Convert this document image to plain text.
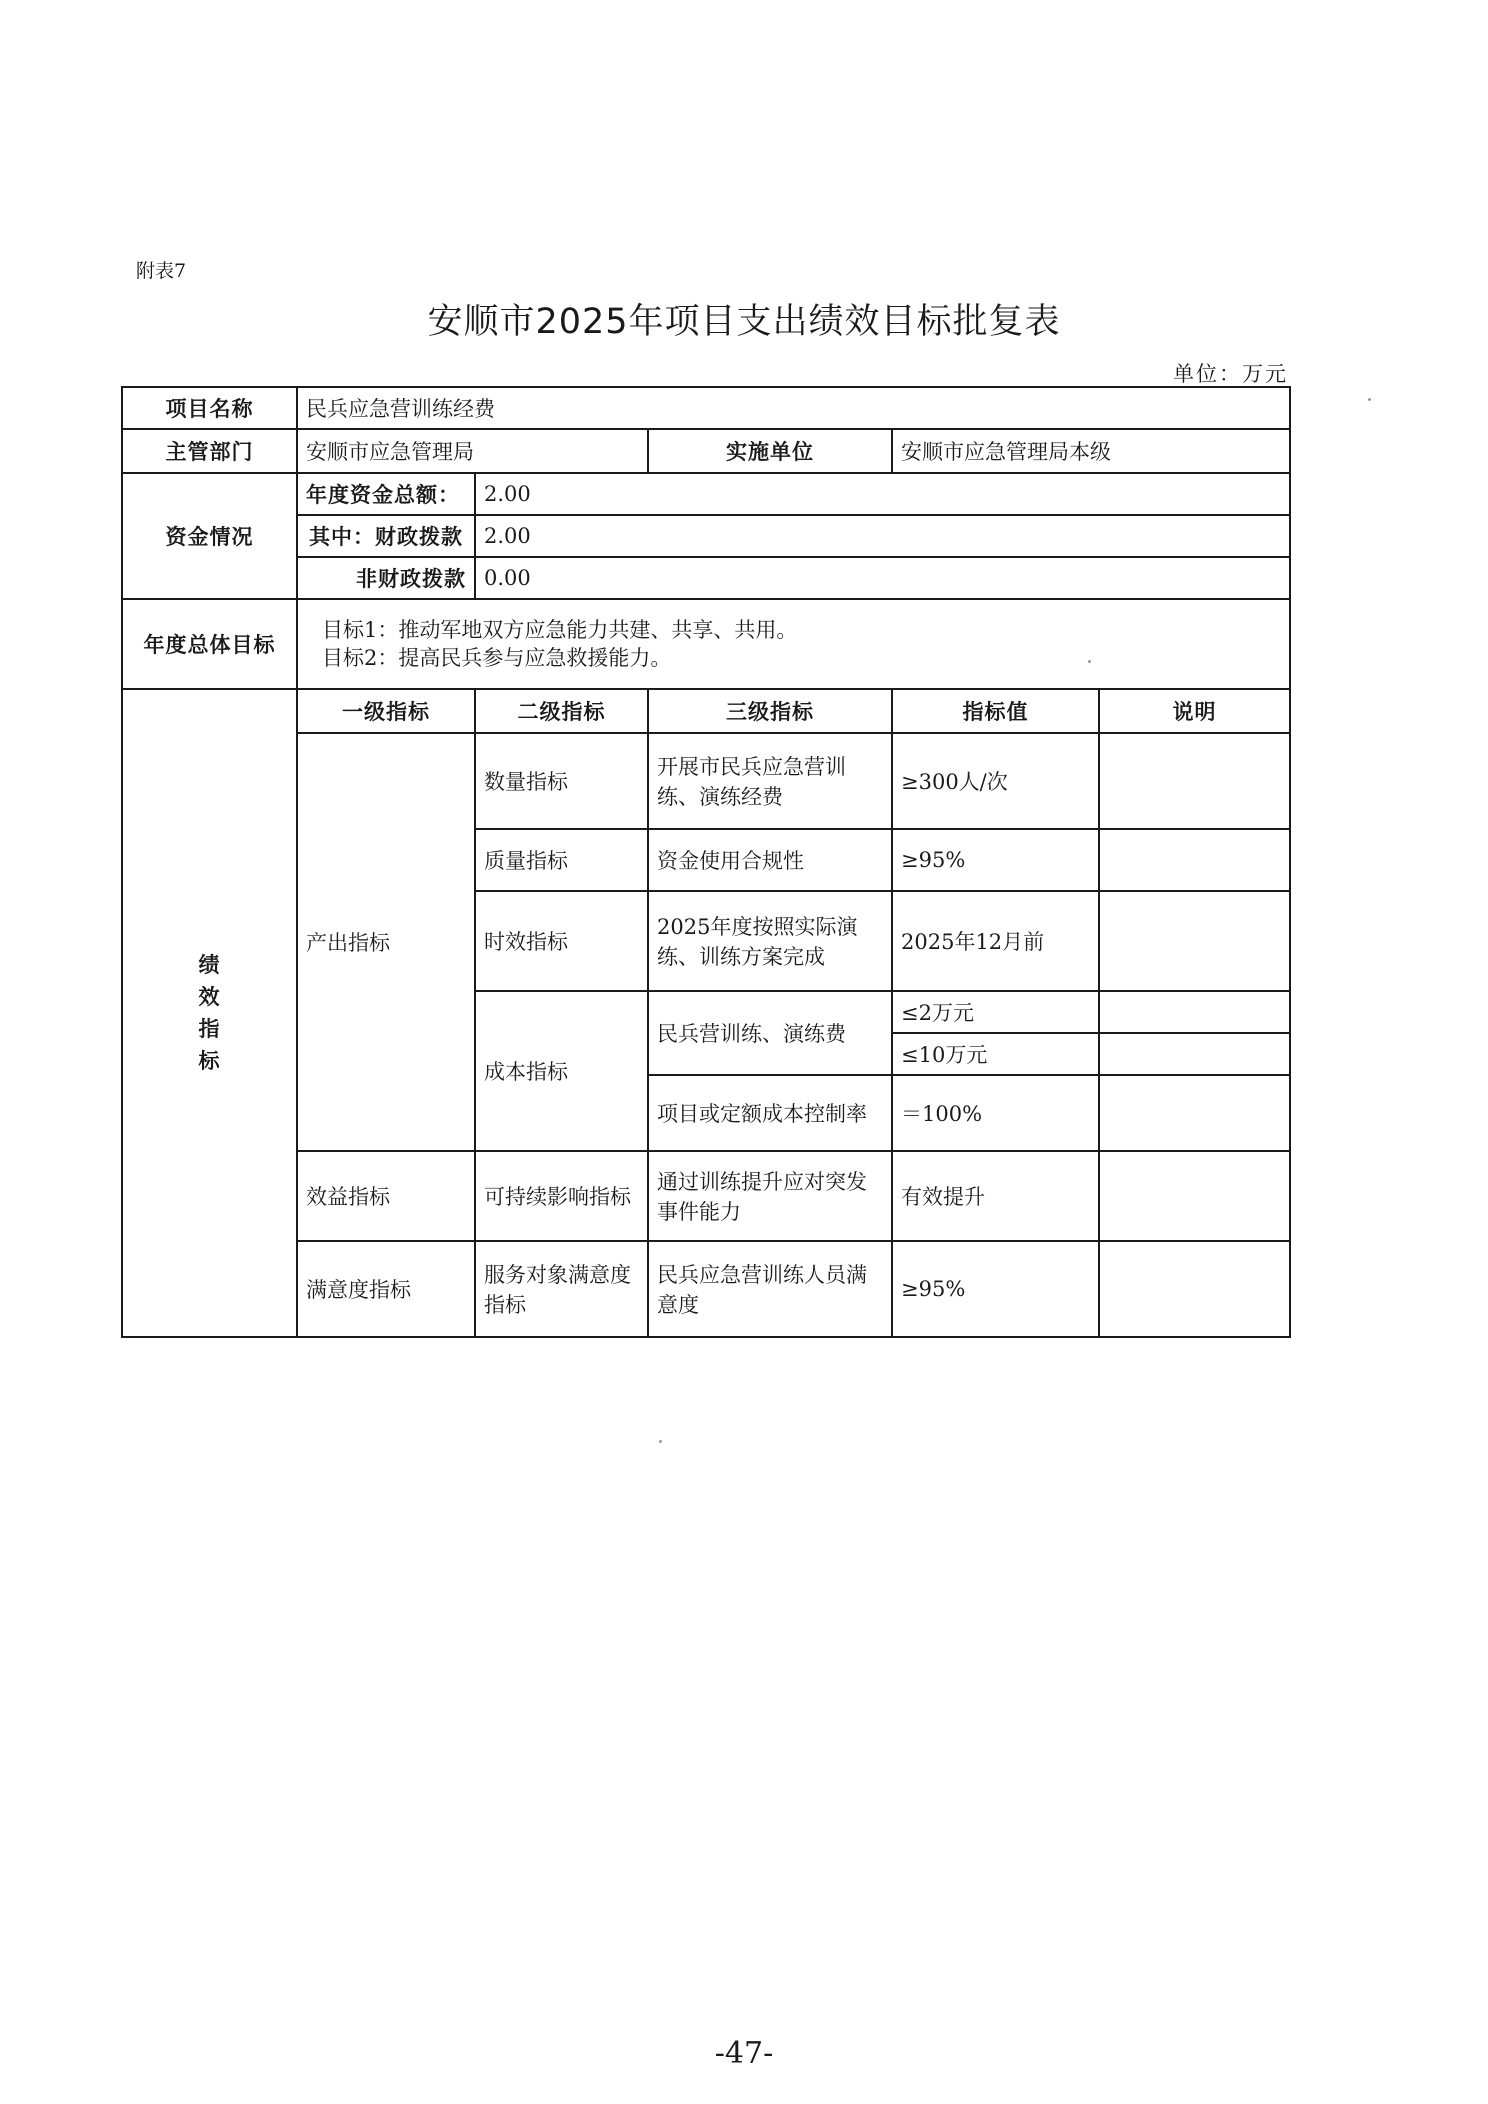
附表7
安顺市2025年项目支出绩效目标批复表
单位：万元
项目名称	民兵应急营训练经费				
主管部门	安顺市应急管理局		实施单位	安顺市应急管理局本级	
资金情况	年度资金总额：	2.00			
	其中：财政拨款	2.00			
	非财政拨款	0.00			
年度总体目标	目标1：推动军地双方应急能力共建、共享、共用。
目标2：提高民兵参与应急救援能力。				

绩
效
指
标	一级指标	二级指标	三级指标	指标值	说明
	产出指标	数量指标	开展市民兵应急营训练、演练经费	≥300人/次	
		质量指标	资金使用合规性	≥95%	
		时效指标	2025年度按照实际演练、训练方案完成	2025年12月前	
		成本指标	民兵营训练、演练费	≤2万元	
				≤10万元	
			项目或定额成本控制率	＝100%	
	效益指标	可持续影响指标	通过训练提升应对突发事件能力	有效提升	
	满意度指标	服务对象满意度指标	民兵应急营训练人员满意度	≥95%	
-47-
